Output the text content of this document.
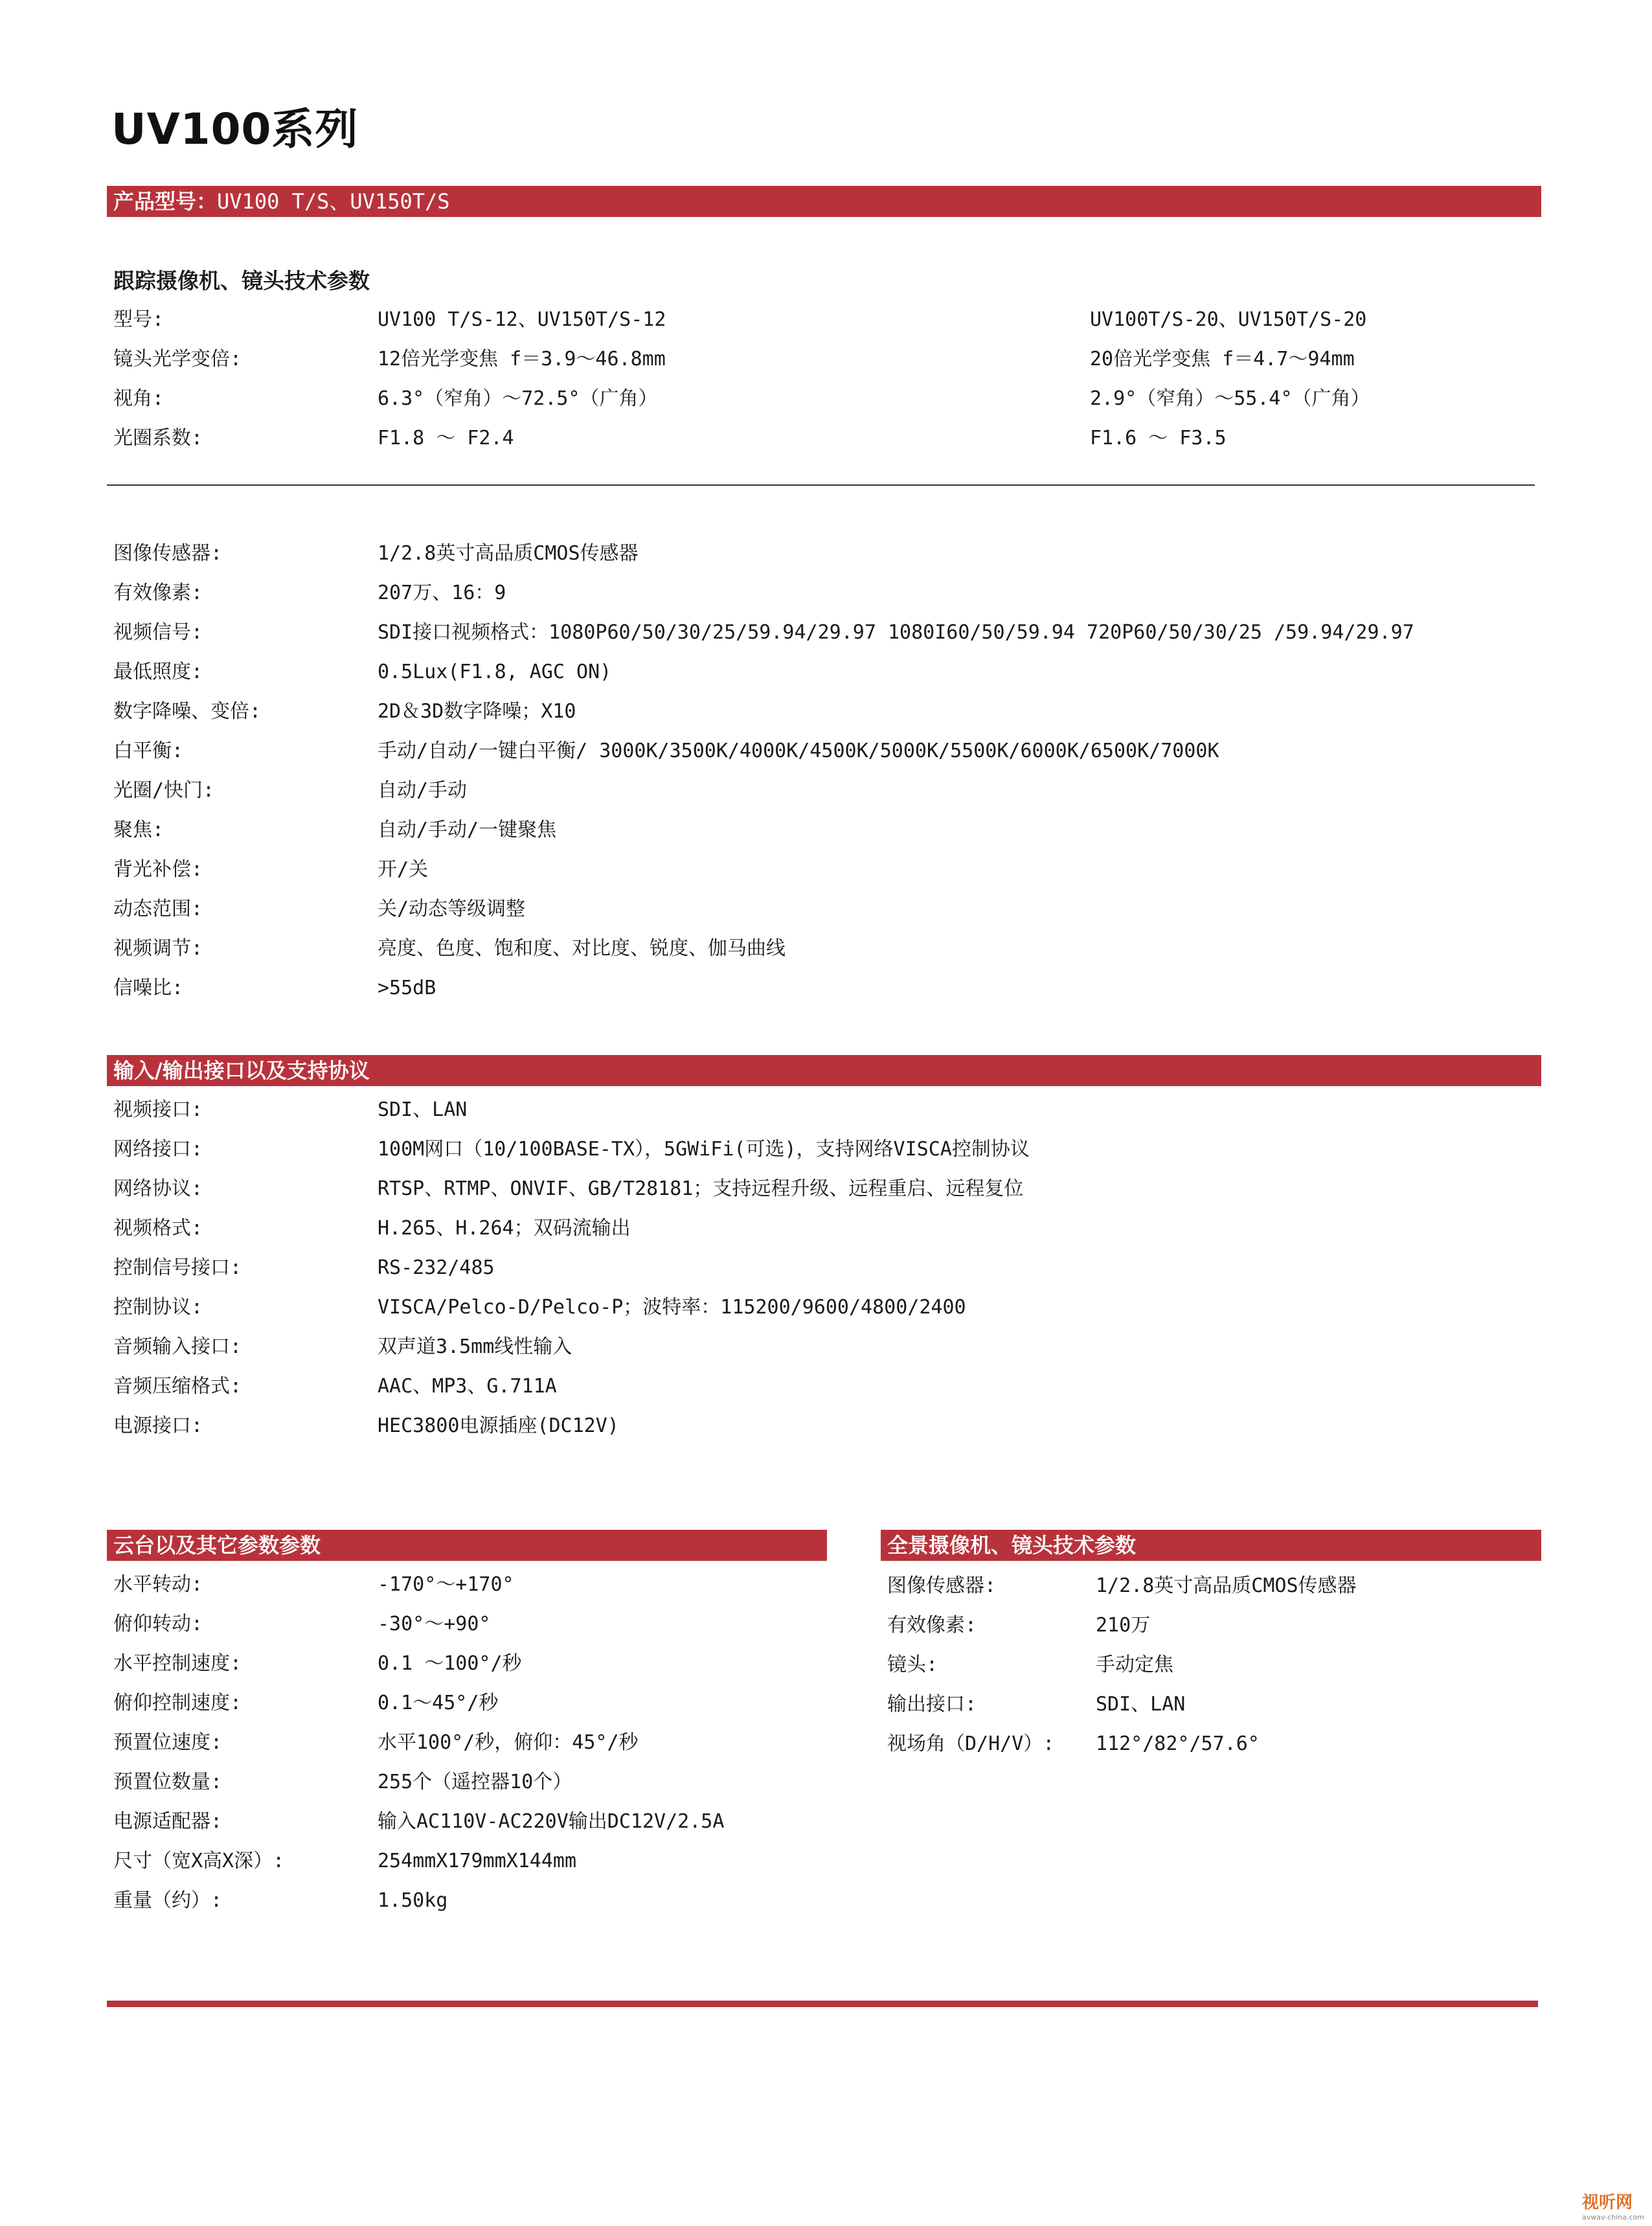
UV100系列
产品型号：UV100 T/S、UV150T/S
跟踪摄像机、镜头技术参数
型号:	UV100 T/S-12、UV150T/S-12	UV100T/S-20、UV150T/S-20
镜头光学变倍:	12倍光学变焦 f＝3.9～46.8mm	20倍光学变焦 f＝4.7～94mm
视角:	6.3°（窄角）～72.5°（广角）	2.9°（窄角）～55.4°（广角）
光圈系数:	F1.8 ～ F2.4	F1.6 ～ F3.5
图像传感器:	1/2.8英寸高品质CMOS传感器
有效像素:	207万、16：9
视频信号:	SDI接口视频格式：1080P60/50/30/25/59.94/29.97 1080I60/50/59.94 720P60/50/30/25 /59.94/29.97
最低照度:	0.5Lux(F1.8, AGC ON)
数字降噪、变倍:	2D＆3D数字降噪；X10
白平衡:	手动/自动/一键白平衡/ 3000K/3500K/4000K/4500K/5000K/5500K/6000K/6500K/7000K
光圈/快门:	自动/手动
聚焦:	自动/手动/一键聚焦
背光补偿:	开/关
动态范围:	关/动态等级调整
视频调节:	亮度、色度、饱和度、对比度、锐度、伽马曲线
信噪比:	>55dB
输入/输出接口以及支持协议
视频接口:	SDI、LAN
网络接口:	100M网口（10/100BASE-TX），5GWiFi(可选)，支持网络VISCA控制协议
网络协议:	RTSP、RTMP、ONVIF、GB/T28181；支持远程升级、远程重启、远程复位
视频格式:	H.265、H.264；双码流输出
控制信号接口:	RS-232/485
控制协议:	VISCA/Pelco-D/Pelco-P；波特率：115200/9600/4800/2400
音频输入接口:	双声道3.5mm线性输入
音频压缩格式:	AAC、MP3、G.711A
电源接口:	HEC3800电源插座(DC12V)
云台以及其它参数参数
水平转动:	-170°～+170°
俯仰转动:	-30°～+90°
水平控制速度:	0.1 ～100°/秒
俯仰控制速度:	0.1～45°/秒
预置位速度:	水平100°/秒，俯仰：45°/秒
预置位数量:	255个（遥控器10个）
电源适配器:	输入AC110V-AC220V输出DC12V/2.5A
尺寸（宽X高X深）:	254mmX179mmX144mm
重量（约）:	1.50kg
全景摄像机、镜头技术参数
图像传感器:	1/2.8英寸高品质CMOS传感器
有效像素:	210万
镜头:	手动定焦
输出接口:	SDI、LAN
视场角（D/H/V）: 112°/82°/57.6°
视听网
avwav-china.com
